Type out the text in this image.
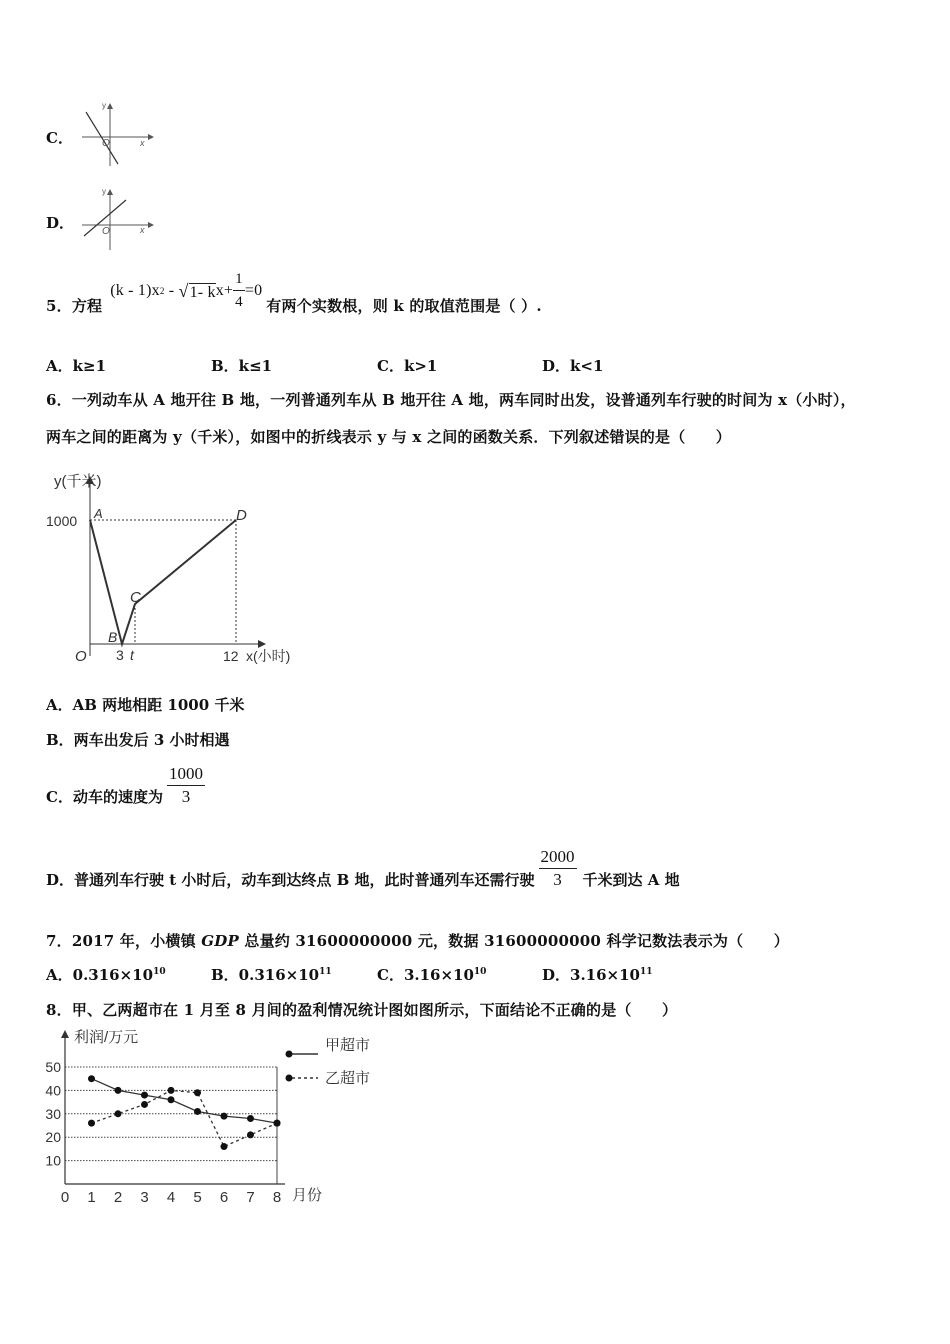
C．
y
x
O
D．
y
x
O
5．方程
(k - 1)x 2 - √ 1- k $x+ \frac{1}{4} =0$
有两个实数根，则 k 的取值范围是（ ）.
A．k≥1	B．k≤1	C．k>1	D．k<1
6．一列动车从 A 地开往 B 地，一列普通列车从 B 地开往 A 地，两车同时出发，设普通列车行驶的时间为 x（小时），
两车之间的距离为 y（千米），如图中的折线表示 y 与 x 之间的函数关系．下列叙述错误的是（　　）
y(千米)
1000 A	D
C
B
O 3 t	12 x(小时)
A．AB 两地相距 1000 千米
B．两车出发后 3 小时相遇
C．动车的速度为 $\frac{1000}{3}$
D．普通列车行驶 t 小时后，动车到达终点 B 地，此时普通列车还需行驶 $\frac{2000}{3}$ 千米到达 A 地
7．2017 年，小横镇 GDP 总量约 31600000000 元，数据 31600000000 科学记数法表示为（　　）
A．$0.316\times 10^{10}$	B．$0.316\times 10^{11}$	C．$3.16\times 10^{10}$	D．$3.16\times 10^{11}$
8．甲、乙两超市在 1 月至 8 月间的盈利情况统计图如图所示，下面结论不正确的是（　　）
10
20
30
40
50
0 1 2 3 4 5 6 7 8
利润/万元
月份
甲超市
乙超市
